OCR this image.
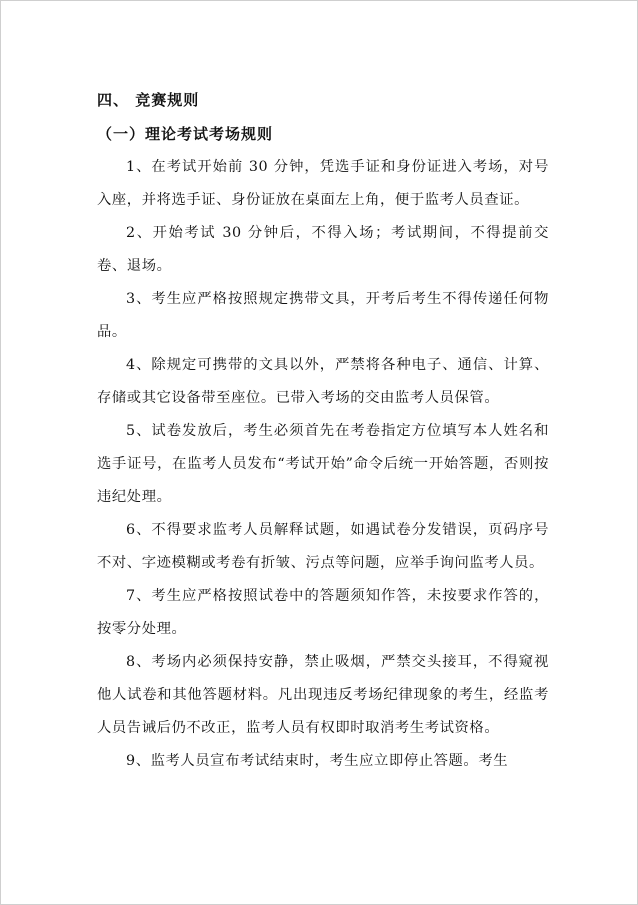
四、 竞赛规则
（一）理论考试考场规则

1、在考试开始前 30 分钟，凭选手证和身份证进入考场，对号入座，并将选手证、身份证放在桌面左上角，便于监考人员查证。

2、开始考试 30 分钟后，不得入场；考试期间，不得提前交卷、退场。

3、考生应严格按照规定携带文具，开考后考生不得传递任何物品。

4、除规定可携带的文具以外，严禁将各种电子、通信、计算、存储或其它设备带至座位。已带入考场的交由监考人员保管。

5、试卷发放后，考生必须首先在考卷指定方位填写本人姓名和选手证号，在监考人员发布“考试开始”命令后统一开始答题，否则按违纪处理。

6、不得要求监考人员解释试题，如遇试卷分发错误，页码序号不对、字迹模糊或考卷有折皱、污点等问题，应举手询问监考人员。

7、考生应严格按照试卷中的答题须知作答，未按要求作答的，按零分处理。

8、考场内必须保持安静，禁止吸烟，严禁交头接耳，不得窥视他人试卷和其他答题材料。凡出现违反考场纪律现象的考生，经监考人员告诫后仍不改正，监考人员有权即时取消考生考试资格。

9、监考人员宣布考试结束时，考生应立即停止答题。考生
